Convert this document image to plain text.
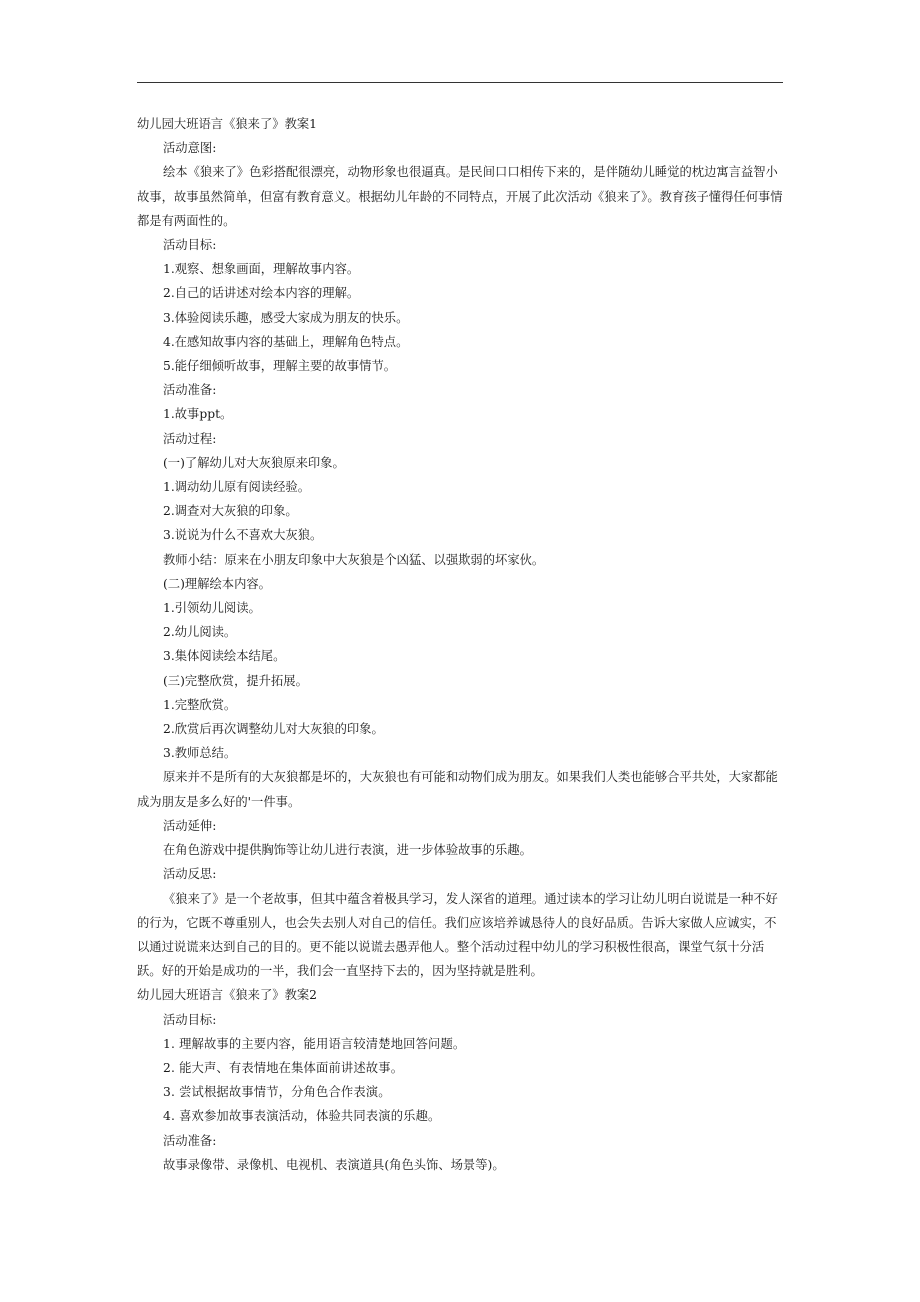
幼儿园大班语言《狼来了》教案1

活动意图:

绘本《狼来了》色彩搭配很漂亮，动物形象也很逼真。是民间口口相传下来的，是伴随幼儿睡觉的枕边寓言益智小故事，故事虽然简单，但富有教育意义。根据幼儿年龄的不同特点，开展了此次活动《狼来了》。教育孩子懂得任何事情都是有两面性的。

活动目标:

1.观察、想象画面，理解故事内容。

2.自己的话讲述对绘本内容的理解。

3.体验阅读乐趣，感受大家成为朋友的快乐。

4.在感知故事内容的基础上，理解角色特点。

5.能仔细倾听故事，理解主要的故事情节。

活动准备:

1.故事ppt。

活动过程:

(一)了解幼儿对大灰狼原来印象。

1.调动幼儿原有阅读经验。

2.调查对大灰狼的印象。

3.说说为什么不喜欢大灰狼。

教师小结：原来在小朋友印象中大灰狼是个凶猛、以强欺弱的坏家伙。

(二)理解绘本内容。

1.引领幼儿阅读。

2.幼儿阅读。

3.集体阅读绘本结尾。

(三)完整欣赏，提升拓展。

1.完整欣赏。

2.欣赏后再次调整幼儿对大灰狼的印象。

3.教师总结。

原来并不是所有的大灰狼都是坏的，大灰狼也有可能和动物们成为朋友。如果我们人类也能够合平共处，大家都能成为朋友是多么好的'一件事。

活动延伸:

在角色游戏中提供胸饰等让幼儿进行表演，进一步体验故事的乐趣。

活动反思:

《狼来了》是一个老故事，但其中蕴含着极具学习，发人深省的道理。通过读本的学习让幼儿明白说谎是一种不好的行为，它既不尊重别人，也会失去别人对自己的信任。我们应该培养诚恳待人的良好品质。告诉大家做人应诚实，不以通过说谎来达到自己的目的。更不能以说谎去愚弄他人。整个活动过程中幼儿的学习积极性很高，课堂气氛十分活跃。好的开始是成功的一半，我们会一直坚持下去的，因为坚持就是胜利。

幼儿园大班语言《狼来了》教案2

活动目标:

1. 理解故事的主要内容，能用语言较清楚地回答问题。

2. 能大声、有表情地在集体面前讲述故事。

3. 尝试根据故事情节，分角色合作表演。

4. 喜欢参加故事表演活动，体验共同表演的乐趣。

活动准备:

故事录像带、录像机、电视机、表演道具(角色头饰、场景等)。
